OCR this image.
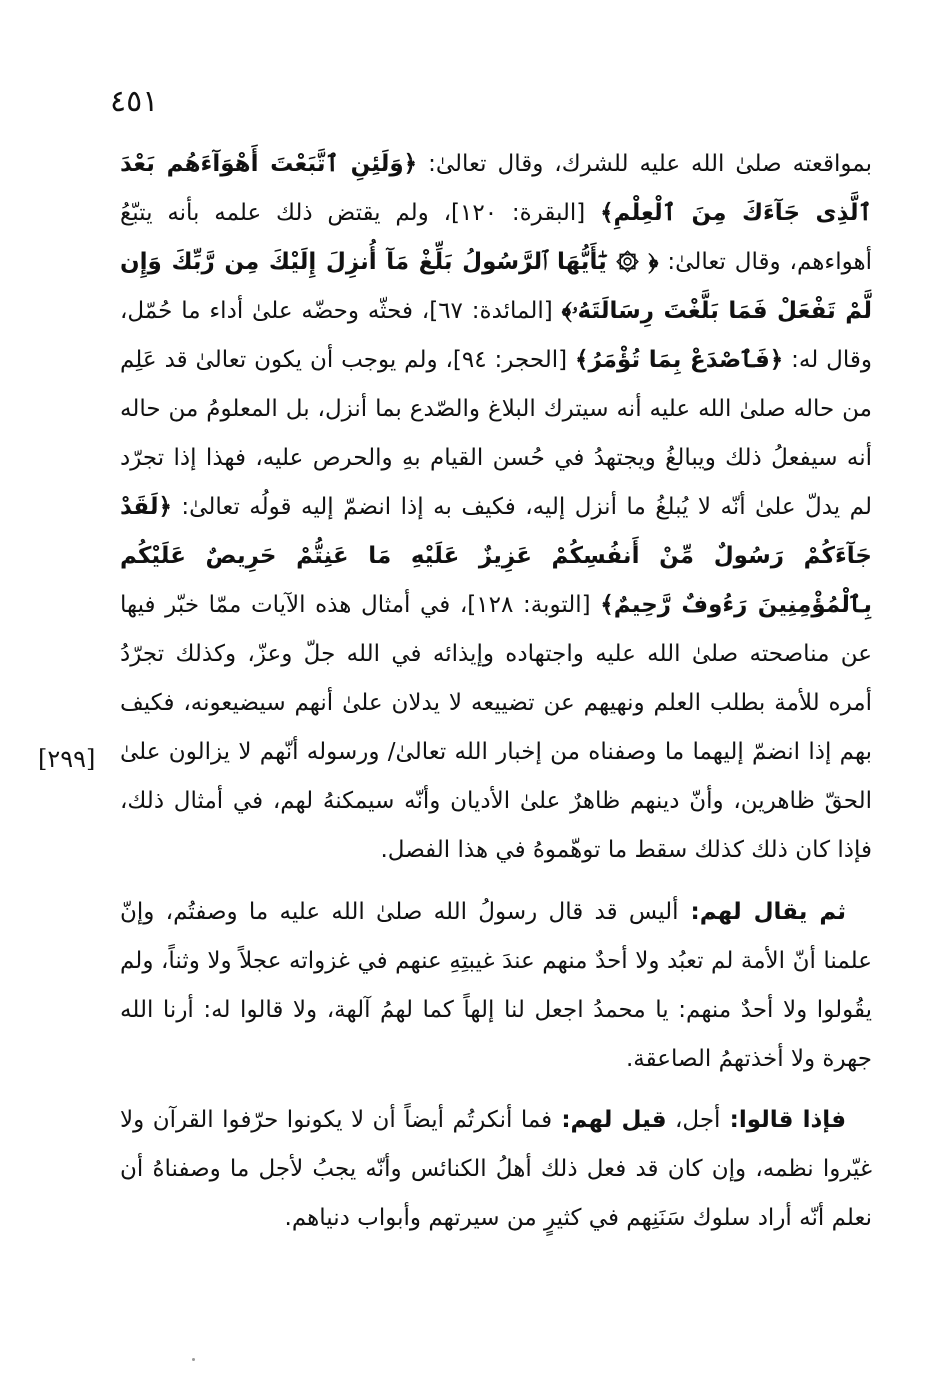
٤٥١
[٢٩٩]

بمواقعته صلىٰ الله عليه للشرك، وقال تعالىٰ: ﴿وَلَئِنِ ٱتَّبَعْتَ أَهْوَآءَهُم بَعْدَ ٱلَّذِى جَآءَكَ مِنَ ٱلْعِلْمِ﴾ [البقرة: ١٢٠]، ولم يقتض ذلك علمه بأنه يتبّعُ أهواءهم، وقال تعالىٰ: ﴿ ۞ يَٰٓأَيُّهَا ٱلرَّسُولُ بَلِّغْ مَآ أُنزِلَ إِلَيْكَ مِن رَّبِّكَ وَإِن لَّمْ تَفْعَلْ فَمَا بَلَّغْتَ رِسَالَتَهُۥ﴾ [المائدة: ٦٧]، فحثّه وحضّه علىٰ أداء ما حُمّل، وقال له: ﴿فَٱصْدَعْ بِمَا تُؤْمَرُ﴾ [الحجر: ٩٤]، ولم يوجب أن يكون تعالىٰ قد عَلِم من حاله صلىٰ الله عليه أنه سيترك البلاغ والصّدع بما أنزل، بل المعلومُ من حاله أنه سيفعلُ ذلك ويبالغُ ويجتهدُ في حُسن القيام بهِ والحرص عليه، فهذا إذا تجرّد لم يدلّ علىٰ أنّه لا يُبلغُ ما أنزل إليه، فكيف به إذا انضمّ إليه قولُه تعالىٰ: ﴿لَقَدْ جَآءَكُمْ رَسُولٌ مِّنْ أَنفُسِكُمْ عَزِيزٌ عَلَيْهِ مَا عَنِتُّمْ حَرِيصٌ عَلَيْكُم بِٱلْمُؤْمِنِينَ رَءُوفٌ رَّحِيمٌ﴾ [التوبة: ١٢٨]، في أمثال هذه الآيات ممّا خبّر فيها عن مناصحته صلىٰ الله عليه واجتهاده وإيذائه في الله جلّ وعزّ، وكذلك تجرّدُ أمره للأمة بطلب العلم ونهيهم عن تضييعه لا يدلان علىٰ أنهم سيضيعونه، فكيف بهم إذا انضمّ إليهما ما وصفناه من إخبار الله تعالىٰ/ ورسوله أنّهم لا يزالون علىٰ الحقّ ظاهرين، وأنّ دينهم ظاهرٌ علىٰ الأديان وأنّه سيمكنهُ لهم، في أمثال ذلك، فإذا كان ذلك كذلك سقط ما توهّموهُ في هذا الفصل.

ثم يقال لهم: أليس قد قال رسولُ الله صلىٰ الله عليه ما وصفتُم، وإنّ علمنا أنّ الأمة لم تعبُد ولا أحدٌ منهم عندَ غيبتِهِ عنهم في غزواته عجلاً ولا وثناً، ولم يقُولوا ولا أحدٌ منهم: يا محمدُ اجعل لنا إلهاً كما لهمُ آلهة، ولا قالوا له: أرنا الله جهرة ولا أخذتهمُ الصاعقة.

فإذا قالوا: أجل، قيل لهم: فما أنكرتُم أيضاً أن لا يكونوا حرّفوا القرآن ولا غيّروا نظمه، وإن كان قد فعل ذلك أهلُ الكنائس وأنّه يجبُ لأجل ما وصفناهُ أن نعلم أنّه أراد سلوك سَنَنِهم في كثيرٍ من سيرتهم وأبواب دنياهم.
